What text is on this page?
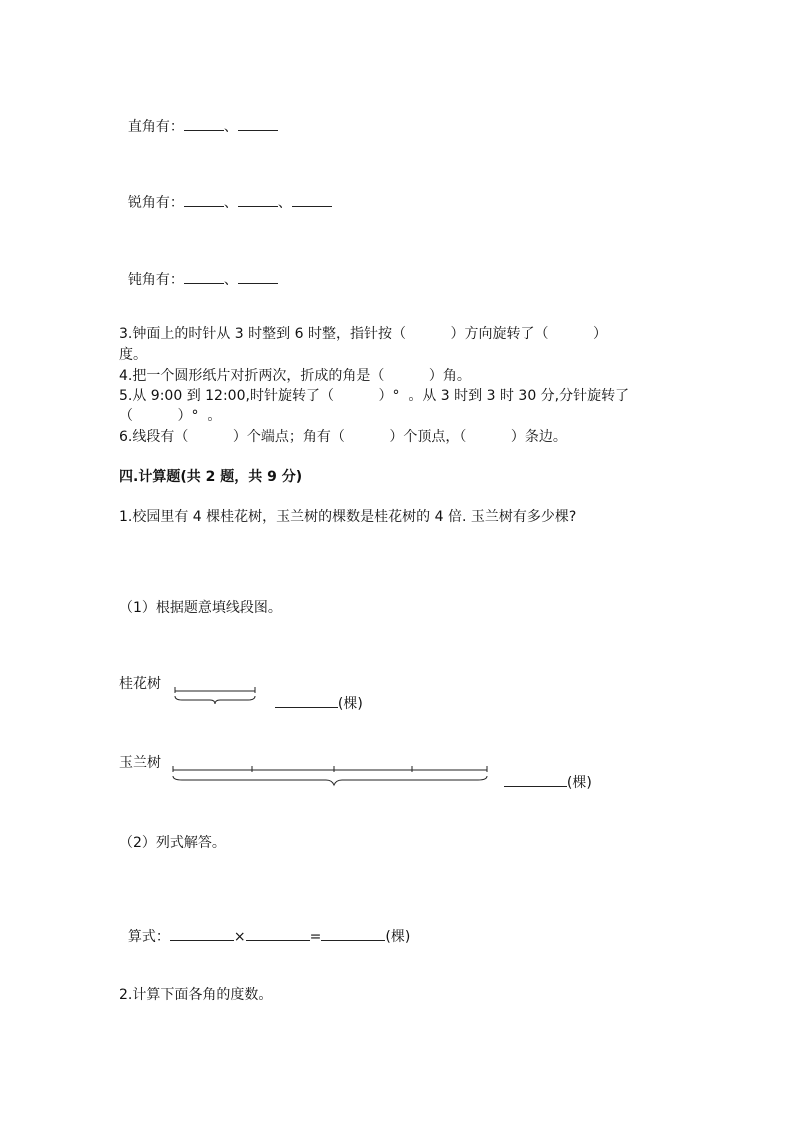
直角有：	、

锐角有：	、	、

钝角有：	、

3.钟面上的时针从 3 时整到 6 时整，指针按（          ）方向旋转了（          ）
度。
4.把一个圆形纸片对折两次，折成的角是（          ）角。
5.从 9:00 到 12:00,时针旋转了（          ）°  。从 3 时到 3 时 30 分,分针旋转了
（          ）°  。
6.线段有（          ）个端点；角有（          ）个顶点，（          ）条边。
四.计算题(共 2 题，共 9 分)
1.校园里有 4 棵桂花树，玉兰树的棵数是桂花树的 4 倍. 玉兰树有多少棵?
（1）根据题意填线段图。
桂花树

(棵)

玉兰树

(棵)

（2）列式解答。

算式：	×	=	(棵)

2.计算下面各角的度数。
